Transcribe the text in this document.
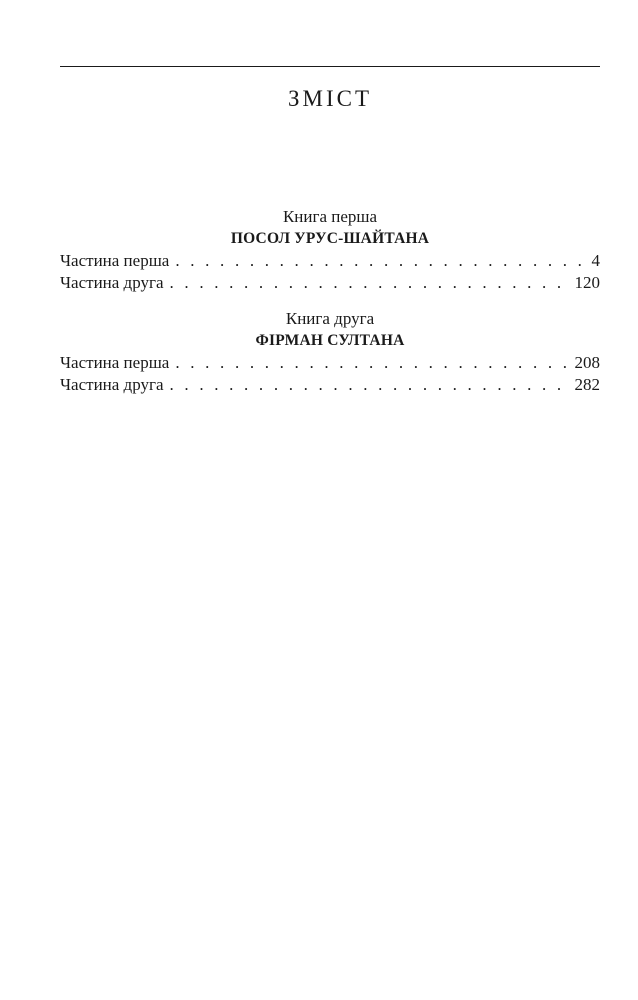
ЗМІСТ
Книга перша
ПОСОЛ УРУС-ШАЙТАНА
Частина перша . . .	4
Частина друга . . .	120
Книга друга
ФІРМАН СУЛТАНА
Частина перша . . .	208
Частина друга . . .	282
